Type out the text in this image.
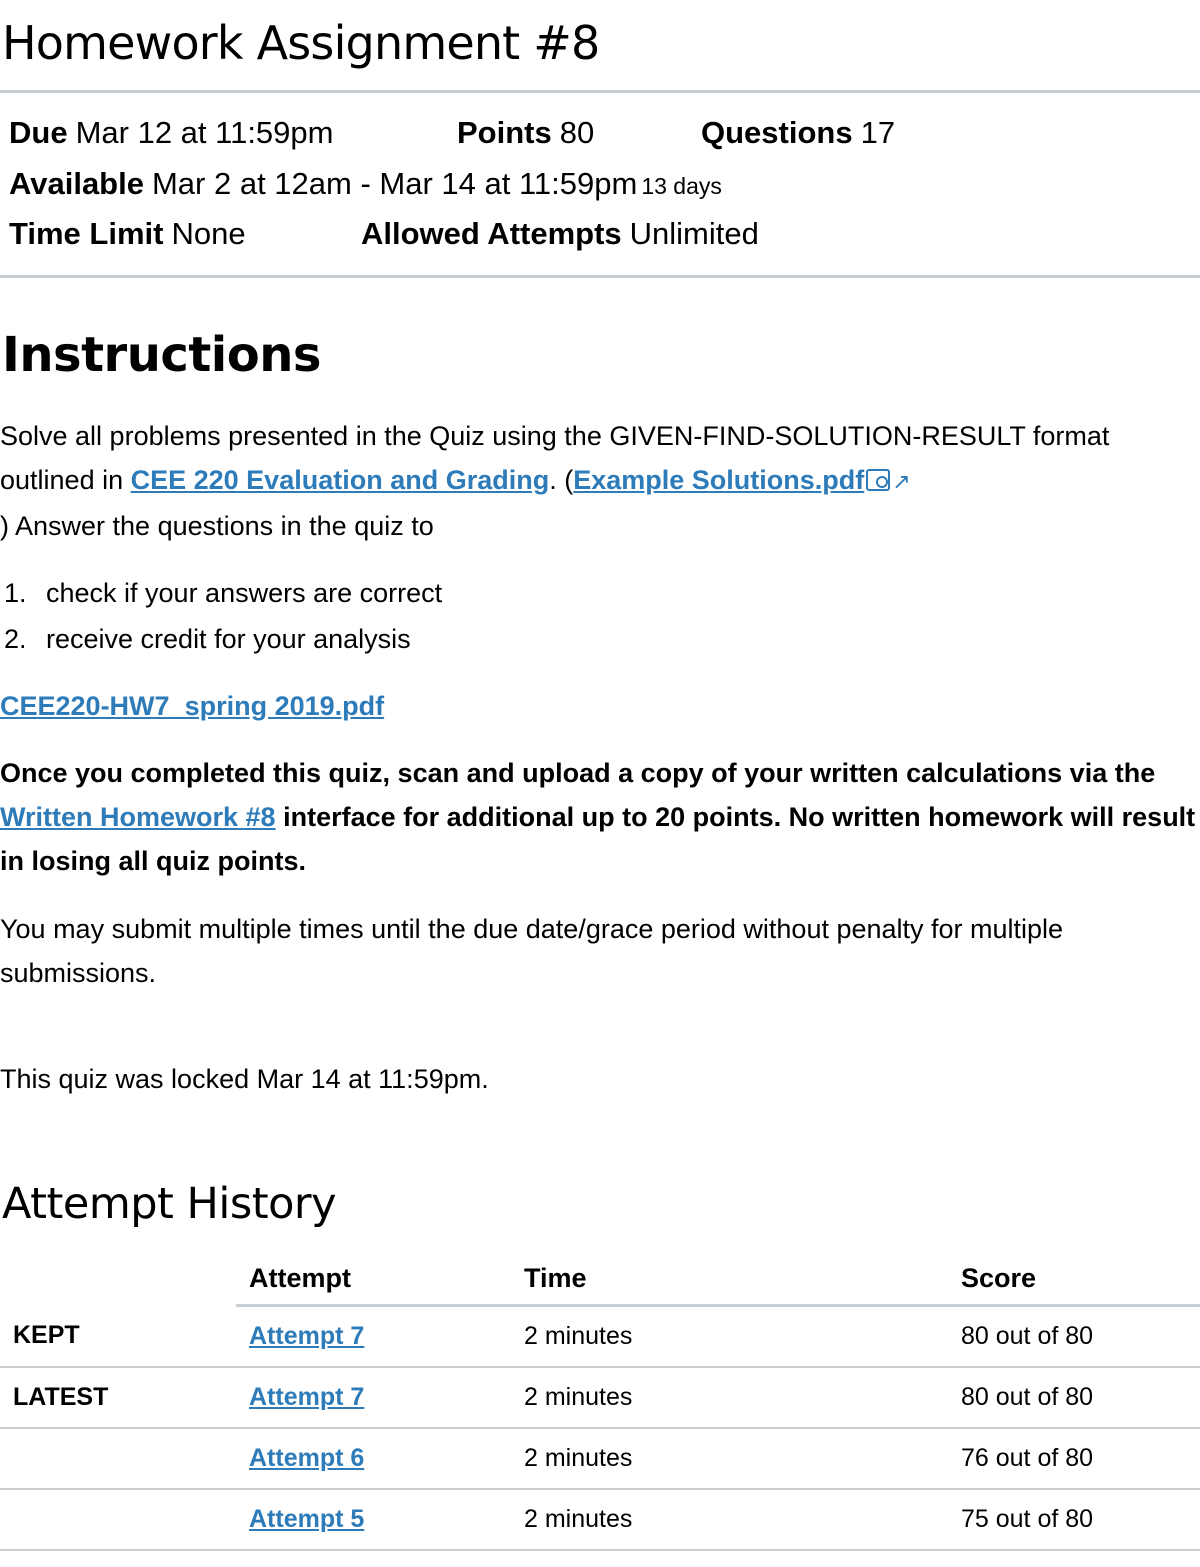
Homework Assignment #8
Due Mar 12 at 11:59pm	Points 80	Questions 17
Available Mar 2 at 12am - Mar 14 at 11:59pm 13 days
Time Limit None	Allowed Attempts Unlimited
Instructions
Solve all problems presented in the Quiz using the GIVEN-FIND-SOLUTION-RESULT format outlined in CEE 220 Evaluation and Grading. (Example Solutions.pdf ↗
) Answer the questions in the quiz to
1. check if your answers are correct
2. receive credit for your analysis
CEE220-HW7_spring 2019.pdf
Once you completed this quiz, scan and upload a copy of your written calculations via the Written Homework #8 interface for additional up to 20 points. No written homework will result in losing all quiz points.
You may submit multiple times until the due date/grace period without penalty for multiple submissions.
This quiz was locked Mar 14 at 11:59pm.
Attempt History
	Attempt	Time	Score
KEPT	Attempt 7	2 minutes	80 out of 80
LATEST	Attempt 7	2 minutes	80 out of 80
	Attempt 6	2 minutes	76 out of 80
	Attempt 5	2 minutes	75 out of 80
